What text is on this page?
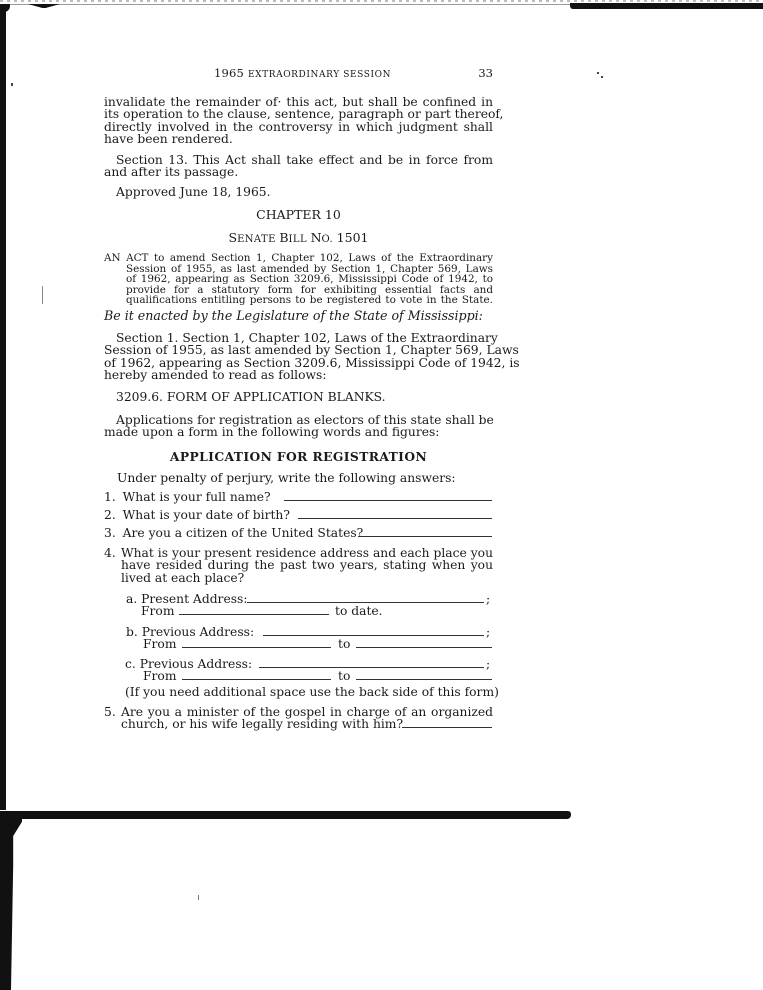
1965 EXTRAORDINARY SESSION	33
invalidate the remainder of· this act, but shall be confined in
its operation to the clause, sentence, paragraph or part thereof,
directly involved in the controversy in which judgment shall
have been rendered.
Section 13. This Act shall take effect and be in force from
and after its passage.
Approved June 18, 1965.
CHAPTER 10
SENATE BILL NO. 1501
AN ACT to amend Section 1, Chapter 102, Laws of the Extraordinary
Session of 1955, as last amended by Section 1, Chapter 569, Laws
of 1962, appearing as Section 3209.6, Mississippi Code of 1942, to
provide for a statutory form for exhibiting essential facts and
qualifications entitling persons to be registered to vote in the State.
Be it enacted by the Legislature of the State of Mississippi:
Section 1. Section 1, Chapter 102, Laws of the Extraordinary
Session of 1955, as last amended by Section 1, Chapter 569, Laws
of 1962, appearing as Section 3209.6, Mississippi Code of 1942, is
hereby amended to read as follows:
3209.6. FORM OF APPLICATION BLANKS.
Applications for registration as electors of this state shall be
made upon a form in the following words and figures:
APPLICATION FOR REGISTRATION
Under penalty of perjury, write the following answers:
1. What is your full name?
2. What is your date of birth?
3. Are you a citizen of the United States?
4. What is your present residence address and each place you
have resided during the past two years, stating when you
lived at each place?
a. Present Address:	;
From	to date.
b. Previous Address:	;
From	to
c. Previous Address:	;
From	to
(If you need additional space use the back side of this form)
5. Are you a minister of the gospel in charge of an organized
church, or his wife legally residing with him?
